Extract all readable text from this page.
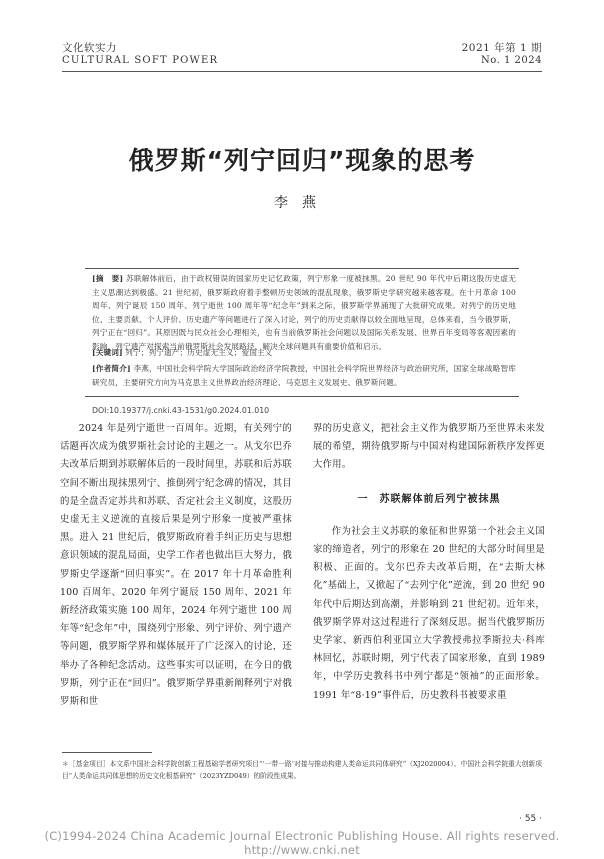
文化软实力
CULTURAL SOFT POWER
2021 年第 1 期
No. 1 2024
俄罗斯“列宁回归”现象的思考
李燕
[摘　要] 苏联解体前后，由于政权错误的国家历史记忆政策，列宁形象一度被抹黑。20 世纪 90 年代中后期这股历史虚无主义思潮达到极盛。21 世纪初，俄罗斯政府着手整顿历史领域的混乱现象，俄罗斯史学研究越来越客观。在十月革命 100 周年、列宁诞辰 150 周年、列宁逝世 100 周年等“纪念年”到来之际，俄罗斯学界涌现了大批研究成果。对列宁的历史地位、主要贡献、个人评价、历史遗产等问题进行了深入讨论，列宁的历史贡献得以较全面地呈现，总体来看，当今俄罗斯，列宁正在“回归”。其原因既与民众社会心理相关，也有当前俄罗斯社会问题以及国际关系发展、世界百年变局等客观因素的影响，列宁遗产对探索当前俄罗斯社会发展路径、解决全球问题具有重要价值和启示。
[关键词] 列宁；列宁遗产；历史虚无主义；爱国主义
[作者简介] 李燕，中国社会科学院大学国际政治经济学院教授，中国社会科学院世界经济与政治研究所，国家全球战略智库研究员，主要研究方向为马克思主义世界政治经济理论、马克思主义发展史、俄罗斯问题。
DOI:10.19377/j.cnki.43-1531/g0.2024.01.010

2024 年是列宁逝世一百周年。近期，有关列宁的话题再次成为俄罗斯社会讨论的主题之一。从戈尔巴乔夫改革后期到苏联解体后的一段时间里，苏联和后苏联空间不断出现抹黑列宁、推倒列宁纪念碑的情况，其目的是全盘否定苏共和苏联、否定社会主义制度，这股历史虚无主义逆流的直接后果是列宁形象一度被严重抹黑。进入 21 世纪后，俄罗斯政府着手纠正历史与思想意识领域的混乱局面，史学工作者也做出巨大努力，俄罗斯史学逐渐“回归事实”。在 2017 年十月革命胜利 100 百周年、2020 年列宁诞辰 150 周年、2021 年新经济政策实施 100 周年，2024 年列宁逝世 100 周年等“纪念年”中，围绕列宁形象、列宁评价、列宁遗产等问题，俄罗斯学界和媒体展开了广泛深入的讨论，还举办了各种纪念活动。这些事实可以证明，在今日的俄罗斯，列宁正在“回归”。俄罗斯学界重新阐释列宁对俄罗斯和世

界的历史意义，把社会主义作为俄罗斯乃至世界未来发展的希望，期待俄罗斯与中国对构建国际新秩序发挥更大作用。

一　苏联解体前后列宁被抹黑

作为社会主义苏联的象征和世界第一个社会主义国家的缔造者，列宁的形象在 20 世纪的大部分时间里是积极、正面的。戈尔巴乔夫改革后期，在“去斯大林化”基础上，又掀起了“去列宁化”逆流，到 20 世纪 90 年代中后期达到高潮，并影响到 21 世纪初。近年来，俄罗斯学界对这过程进行了深刻反思。据当代俄罗斯历史学家、新西伯利亚国立大学教授弗拉季斯拉夫·科库林回忆，苏联时期，列宁代表了国家形象，直到 1989 年，中学历史教科书中列宁都是“领袖”的正面形象。1991 年“8·19”事件后，历史教科书被要求重

＊［基金项目］本文系中国社会科学院创新工程基础学者研究项目“‘一带一路’对接与推动构建人类命运共同体研究”（XJ2020004）、中国社会科学院重大创新项目“人类命运共同体思想的历史文化根基研究”（2023YZD049）的阶段性成果。
· 55 ·
(C)1994-2024 China Academic Journal Electronic Publishing House. All rights reserved. http://www.cnki.net
